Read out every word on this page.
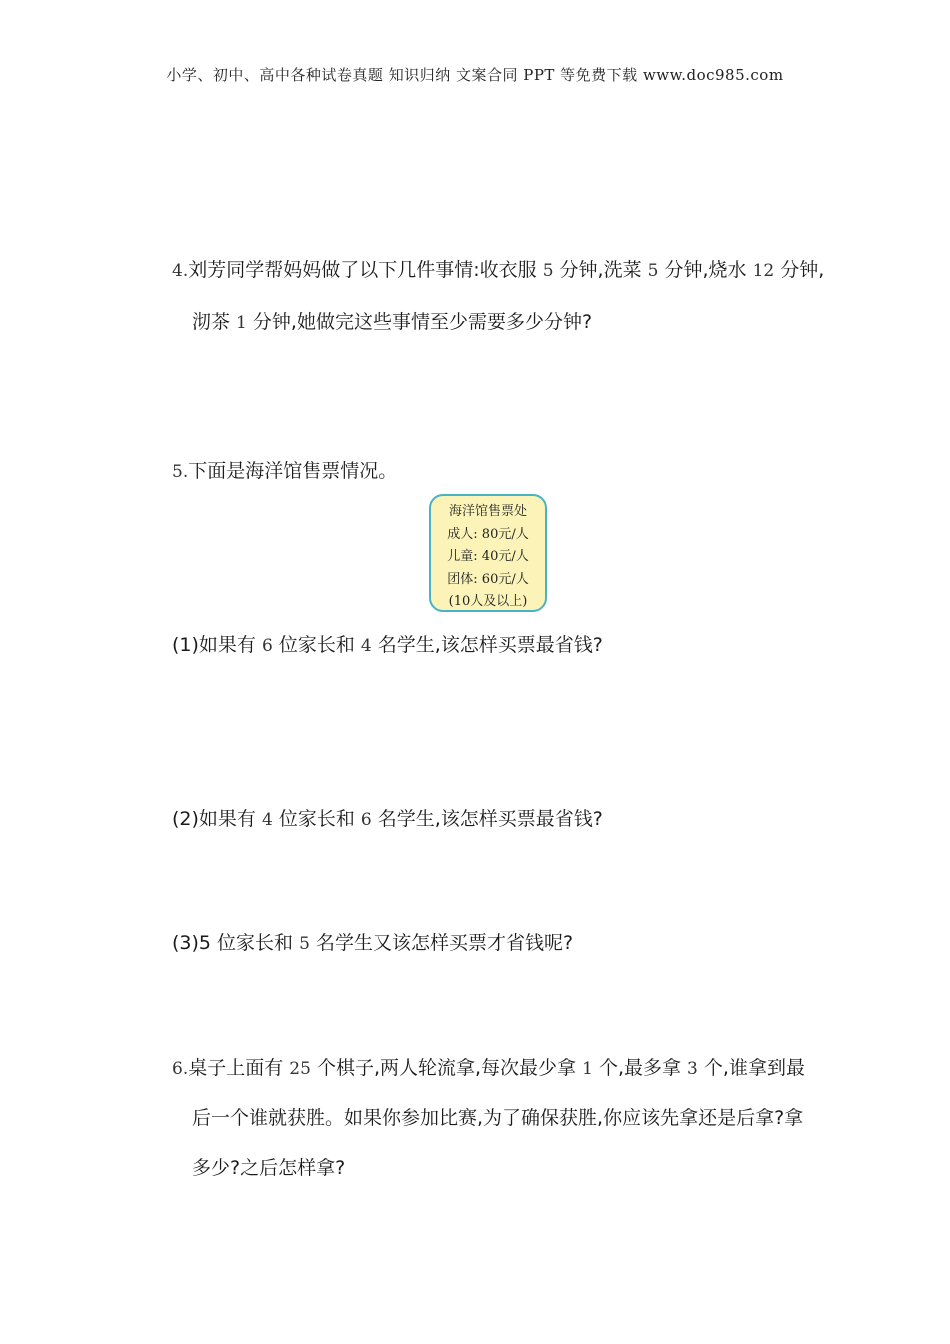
小学、初中、高中各种试卷真题 知识归纳 文案合同 PPT 等免费下载 www.doc985.com
4.刘芳同学帮妈妈做了以下几件事情:收衣服 5 分钟,洗菜 5 分钟,烧水 12 分钟,
沏茶 1 分钟,她做完这些事情至少需要多少分钟?
5.下面是海洋馆售票情况。
海洋馆售票处
成人: 80元/人
儿童: 40元/人
团体: 60元/人
(10人及以上)
(1)如果有 6 位家长和 4 名学生,该怎样买票最省钱?
(2)如果有 4 位家长和 6 名学生,该怎样买票最省钱?
(3)5 位家长和 5 名学生又该怎样买票才省钱呢?
6.桌子上面有 25 个棋子,两人轮流拿,每次最少拿 1 个,最多拿 3 个,谁拿到最
后一个谁就获胜。如果你参加比赛,为了确保获胜,你应该先拿还是后拿?拿
多少?之后怎样拿?
